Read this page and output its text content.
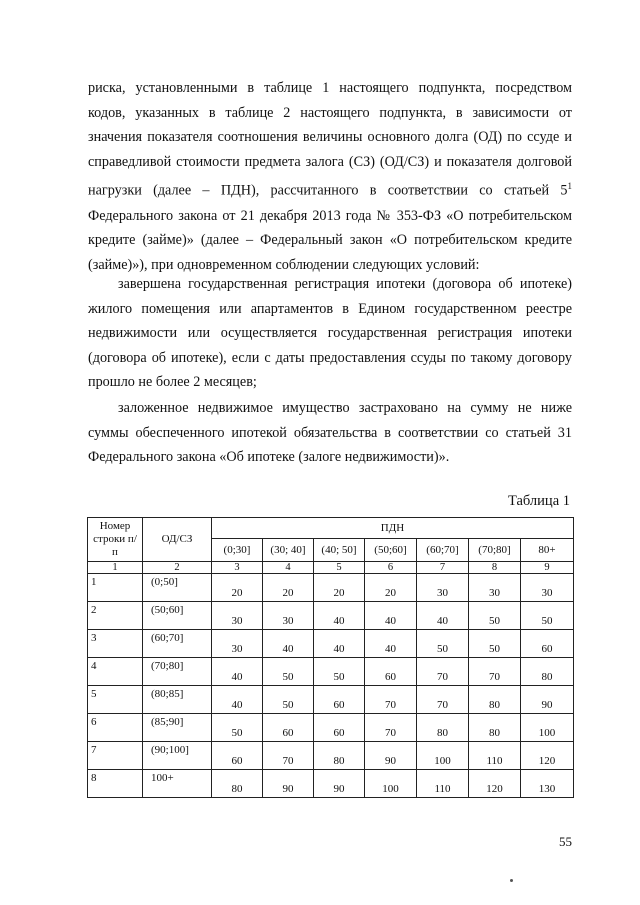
риска, установленными в таблице 1 настоящего подпункта, посредством
кодов, указанных в таблице 2 настоящего подпункта, в зависимости от
значения показателя соотношения величины основного долга (ОД) по ссуде и
справедливой стоимости предмета залога (СЗ) (ОД/СЗ) и показателя долговой
нагрузки (далее – ПДН), рассчитанного в соответствии со статьей $5^1$
Федерального закона от 21 декабря 2013 года № 353-ФЗ «О потребительском
кредите (займе)» (далее – Федеральный закон «О потребительском кредите
(займе)»), при одновременном соблюдении следующих условий:
завершена государственная регистрация ипотеки (договора об ипотеке)
жилого помещения или апартаментов в Едином государственном реестре
недвижимости или осуществляется государственная регистрация ипотеки
(договора об ипотеке), если с даты предоставления ссуды по такому договору
прошло не более 2 месяцев;
заложенное недвижимое имущество застраховано на сумму не ниже
суммы обеспеченного ипотекой обязательства в соответствии со статьей 31
Федерального закона «Об ипотеке (залоге недвижимости)».
Таблица 1
Номер строки п/п	ОД/СЗ	ПДН						
		(0;30]	(30; 40]	(40; 50]	(50;60]	(60;70]	(70;80]	80+
1	2	3	4	5	6	7	8	9
1	(0;50]	20	20	20	20	30	30	30
2	(50;60]	30	30	40	40	40	50	50
3	(60;70]	30	40	40	40	50	50	60
4	(70;80]	40	50	50	60	70	70	80
5	(80;85]	40	50	60	70	70	80	90
6	(85;90]	50	60	60	70	80	80	100
7	(90;100]	60	70	80	90	100	110	120
8	100+	80	90	90	100	110	120	130
55
